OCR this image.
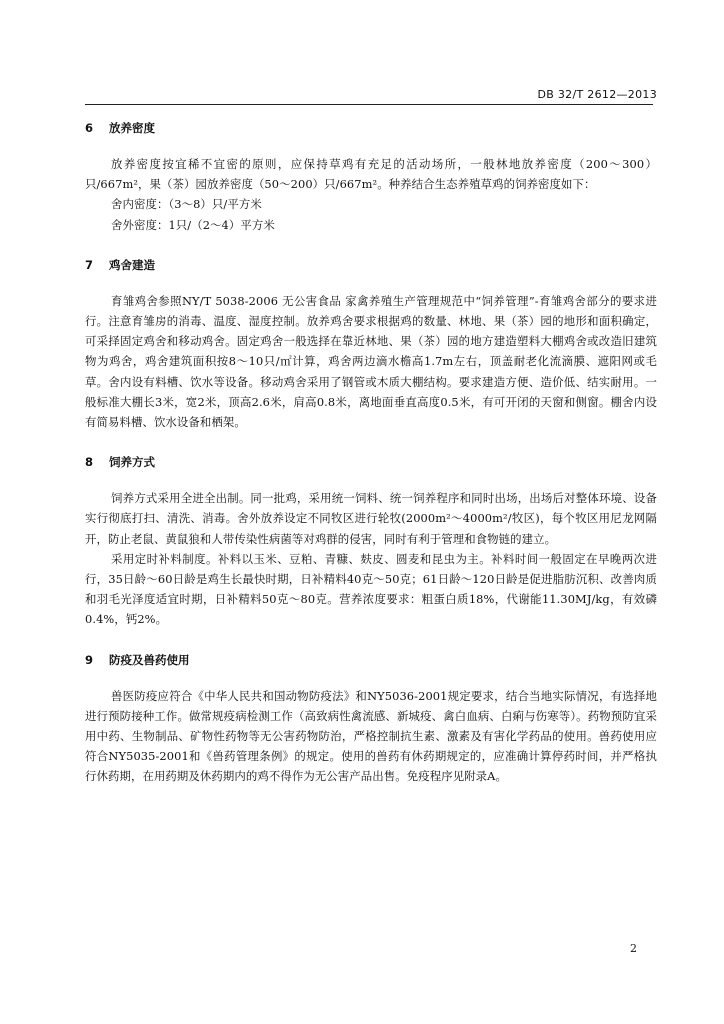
DB 32/T 2612—2013
6 放养密度

放养密度按宜稀不宜密的原则，应保持草鸡有充足的活动场所，一般林地放养密度（200～300）只/667m²，果（茶）园放养密度（50～200）只/667m²。种养结合生态养殖草鸡的饲养密度如下：

舍内密度：（3～8）只/平方米

舍外密度：1只/（2～4）平方米

7 鸡舍建造

育雏鸡舍参照NY/T 5038-2006 无公害食品 家禽养殖生产管理规范中“饲养管理”-育雏鸡舍部分的要求进行。注意育雏房的消毒、温度、湿度控制。放养鸡舍要求根据鸡的数量、林地、果（茶）园的地形和面积确定，可采择固定鸡舍和移动鸡舍。固定鸡舍一般选择在靠近林地、果（茶）园的地方建造塑料大棚鸡舍或改造旧建筑物为鸡舍，鸡舍建筑面积按8～10只/㎡计算，鸡舍两边滴水檐高1.7m左右，顶盖耐老化流滴膜、遮阳网或毛草。舍内设有料槽、饮水等设备。移动鸡舍采用了钢管或木质大棚结构。要求建造方便、造价低、结实耐用。一般标准大棚长3米，宽2米，顶高2.6米，肩高0.8米，离地面垂直高度0.5米，有可开闭的天窗和侧窗。棚舍内设有简易料槽、饮水设备和栖架。

8 饲养方式

饲养方式采用全进全出制。同一批鸡，采用统一饲料、统一饲养程序和同时出场，出场后对整体环境、设备实行彻底打扫、清洗、消毒。舍外放养设定不同牧区进行轮牧(2000m²～4000m²/牧区)，每个牧区用尼龙网隔开，防止老鼠、黄鼠狼和人带传染性病菌等对鸡群的侵害，同时有利于管理和食物链的建立。

采用定时补料制度。补料以玉米、豆粕、青糠、麸皮、圆麦和昆虫为主。补料时间一般固定在早晚两次进行，35日龄～60日龄是鸡生长最快时期，日补精料40克～50克；61日龄～120日龄是促进脂肪沉积、改善肉质和羽毛光泽度适宜时期，日补精料50克～80克。营养浓度要求：粗蛋白质18%，代谢能11.30MJ/kg，有效磷0.4%，钙2%。

9 防疫及兽药使用

兽医防疫应符合《中华人民共和国动物防疫法》和NY5036-2001规定要求，结合当地实际情况，有选择地进行预防接种工作。做常规疫病检测工作（高致病性禽流感、新城疫、禽白血病、白痢与伤寒等）。药物预防宜采用中药、生物制品、矿物性药物等无公害药物防治，严格控制抗生素、激素及有害化学药品的使用。兽药使用应符合NY5035-2001和《兽药管理条例》的规定。使用的兽药有休药期规定的，应准确计算停药时间，并严格执行休药期，在用药期及休药期内的鸡不得作为无公害产品出售。免疫程序见附录A。

2
